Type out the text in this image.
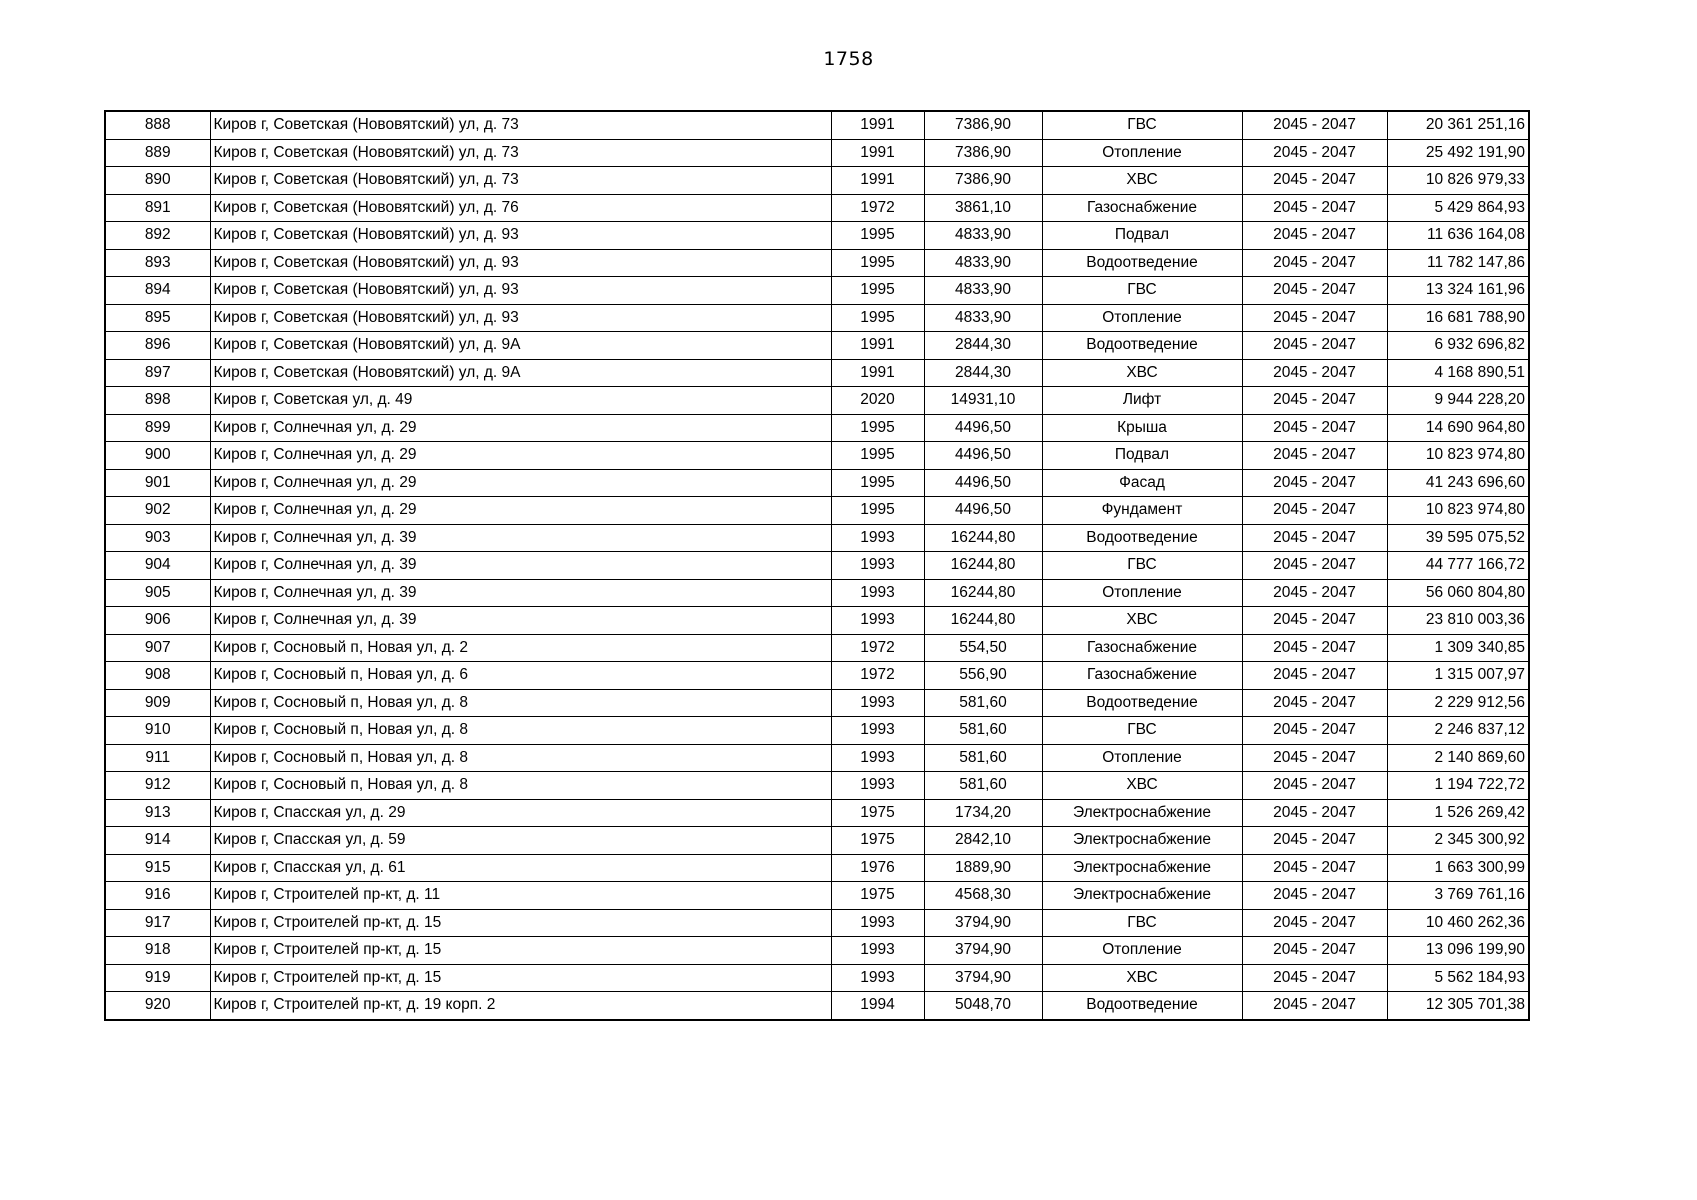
1758
888	Киров г, Советская (Нововятский) ул, д. 73	1991	7386,90	ГВС	2045 - 2047	20 361 251,16
889	Киров г, Советская (Нововятский) ул, д. 73	1991	7386,90	Отопление	2045 - 2047	25 492 191,90
890	Киров г, Советская (Нововятский) ул, д. 73	1991	7386,90	ХВС	2045 - 2047	10 826 979,33
891	Киров г, Советская (Нововятский) ул, д. 76	1972	3861,10	Газоснабжение	2045 - 2047	5 429 864,93
892	Киров г, Советская (Нововятский) ул, д. 93	1995	4833,90	Подвал	2045 - 2047	11 636 164,08
893	Киров г, Советская (Нововятский) ул, д. 93	1995	4833,90	Водоотведение	2045 - 2047	11 782 147,86
894	Киров г, Советская (Нововятский) ул, д. 93	1995	4833,90	ГВС	2045 - 2047	13 324 161,96
895	Киров г, Советская (Нововятский) ул, д. 93	1995	4833,90	Отопление	2045 - 2047	16 681 788,90
896	Киров г, Советская (Нововятский) ул, д. 9А	1991	2844,30	Водоотведение	2045 - 2047	6 932 696,82
897	Киров г, Советская (Нововятский) ул, д. 9А	1991	2844,30	ХВС	2045 - 2047	4 168 890,51
898	Киров г, Советская ул, д. 49	2020	14931,10	Лифт	2045 - 2047	9 944 228,20
899	Киров г, Солнечная ул, д. 29	1995	4496,50	Крыша	2045 - 2047	14 690 964,80
900	Киров г, Солнечная ул, д. 29	1995	4496,50	Подвал	2045 - 2047	10 823 974,80
901	Киров г, Солнечная ул, д. 29	1995	4496,50	Фасад	2045 - 2047	41 243 696,60
902	Киров г, Солнечная ул, д. 29	1995	4496,50	Фундамент	2045 - 2047	10 823 974,80
903	Киров г, Солнечная ул, д. 39	1993	16244,80	Водоотведение	2045 - 2047	39 595 075,52
904	Киров г, Солнечная ул, д. 39	1993	16244,80	ГВС	2045 - 2047	44 777 166,72
905	Киров г, Солнечная ул, д. 39	1993	16244,80	Отопление	2045 - 2047	56 060 804,80
906	Киров г, Солнечная ул, д. 39	1993	16244,80	ХВС	2045 - 2047	23 810 003,36
907	Киров г, Сосновый п, Новая ул, д. 2	1972	554,50	Газоснабжение	2045 - 2047	1 309 340,85
908	Киров г, Сосновый п, Новая ул, д. 6	1972	556,90	Газоснабжение	2045 - 2047	1 315 007,97
909	Киров г, Сосновый п, Новая ул, д. 8	1993	581,60	Водоотведение	2045 - 2047	2 229 912,56
910	Киров г, Сосновый п, Новая ул, д. 8	1993	581,60	ГВС	2045 - 2047	2 246 837,12
911	Киров г, Сосновый п, Новая ул, д. 8	1993	581,60	Отопление	2045 - 2047	2 140 869,60
912	Киров г, Сосновый п, Новая ул, д. 8	1993	581,60	ХВС	2045 - 2047	1 194 722,72
913	Киров г, Спасская ул, д. 29	1975	1734,20	Электроснабжение	2045 - 2047	1 526 269,42
914	Киров г, Спасская ул, д. 59	1975	2842,10	Электроснабжение	2045 - 2047	2 345 300,92
915	Киров г, Спасская ул, д. 61	1976	1889,90	Электроснабжение	2045 - 2047	1 663 300,99
916	Киров г, Строителей пр-кт, д. 11	1975	4568,30	Электроснабжение	2045 - 2047	3 769 761,16
917	Киров г, Строителей пр-кт, д. 15	1993	3794,90	ГВС	2045 - 2047	10 460 262,36
918	Киров г, Строителей пр-кт, д. 15	1993	3794,90	Отопление	2045 - 2047	13 096 199,90
919	Киров г, Строителей пр-кт, д. 15	1993	3794,90	ХВС	2045 - 2047	5 562 184,93
920	Киров г, Строителей пр-кт, д. 19 корп. 2	1994	5048,70	Водоотведение	2045 - 2047	12 305 701,38
